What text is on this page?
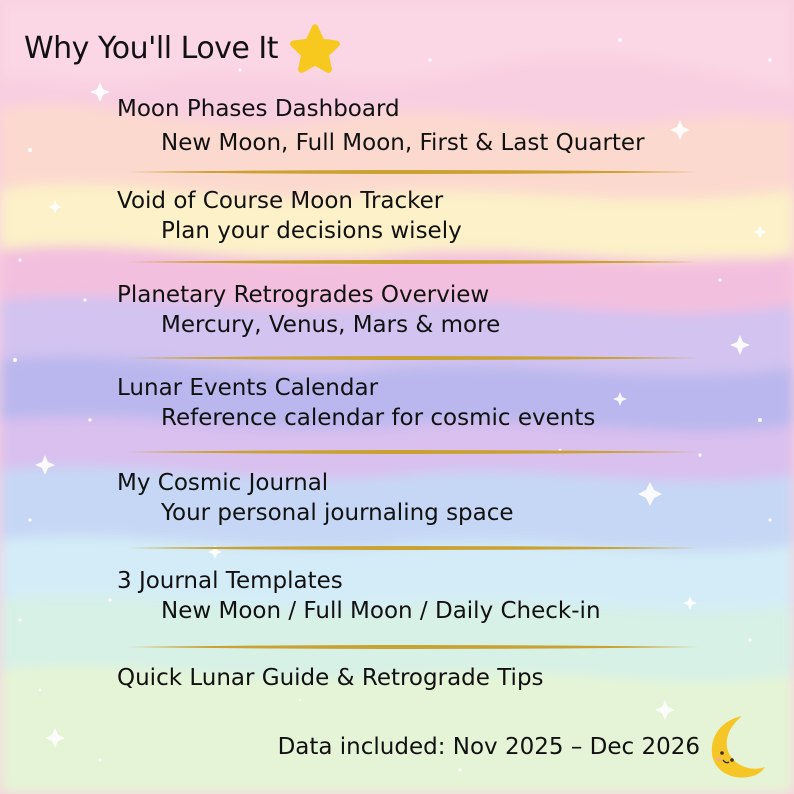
Why You'll Love It
Moon Phases Dashboard
New Moon, Full Moon, First & Last Quarter
Void of Course Moon Tracker
Plan your decisions wisely
Planetary Retrogrades Overview
Mercury, Venus, Mars & more
Lunar Events Calendar
Reference calendar for cosmic events
My Cosmic Journal
Your personal journaling space
3 Journal Templates
New Moon / Full Moon / Daily Check-in
Quick Lunar Guide & Retrograde Tips
Data included: Nov 2025 – Dec 2026
